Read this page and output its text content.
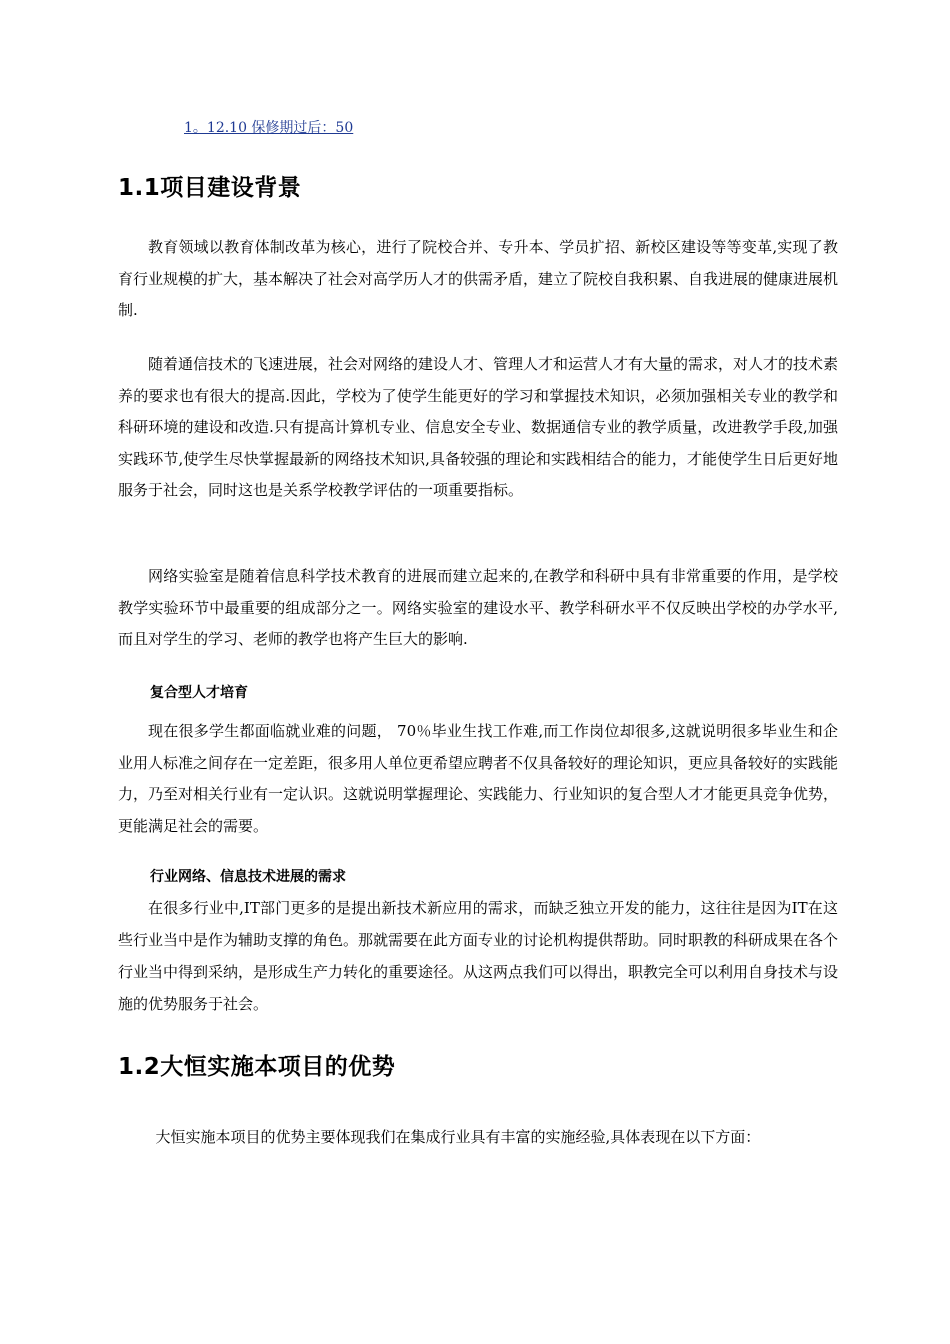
1。12.10 保修期过后：50
1.1项目建设背景

教育领域以教育体制改革为核心，进行了院校合并、专升本、学员扩招、新校区建设等等变革,实现了教育行业规模的扩大，基本解决了社会对高学历人才的供需矛盾，建立了院校自我积累、自我进展的健康进展机制.

随着通信技术的飞速进展，社会对网络的建设人才、管理人才和运营人才有大量的需求，对人才的技术素养的要求也有很大的提高.因此，学校为了使学生能更好的学习和掌握技术知识，必须加强相关专业的教学和科研环境的建设和改造.只有提高计算机专业、信息安全专业、数据通信专业的教学质量，改进教学手段,加强实践环节,使学生尽快掌握最新的网络技术知识,具备较强的理论和实践相结合的能力，才能使学生日后更好地服务于社会，同时这也是关系学校教学评估的一项重要指标。

网络实验室是随着信息科学技术教育的进展而建立起来的,在教学和科研中具有非常重要的作用，是学校教学实验环节中最重要的组成部分之一。网络实验室的建设水平、教学科研水平不仅反映出学校的办学水平,而且对学生的学习、老师的教学也将产生巨大的影响.

复合型人才培育

现在很多学生都面临就业难的问题， 70％毕业生找工作难,而工作岗位却很多,这就说明很多毕业生和企业用人标准之间存在一定差距，很多用人单位更希望应聘者不仅具备较好的理论知识，更应具备较好的实践能力，乃至对相关行业有一定认识。这就说明掌握理论、实践能力、行业知识的复合型人才才能更具竞争优势，更能满足社会的需要。

行业网络、信息技术进展的需求

在很多行业中,IT部门更多的是提出新技术新应用的需求，而缺乏独立开发的能力，这往往是因为IT在这些行业当中是作为辅助支撑的角色。那就需要在此方面专业的讨论机构提供帮助。同时职教的科研成果在各个行业当中得到采纳，是形成生产力转化的重要途径。从这两点我们可以得出，职教完全可以利用自身技术与设施的优势服务于社会。

1.2大恒实施本项目的优势

大恒实施本项目的优势主要体现我们在集成行业具有丰富的实施经验,具体表现在以下方面：
